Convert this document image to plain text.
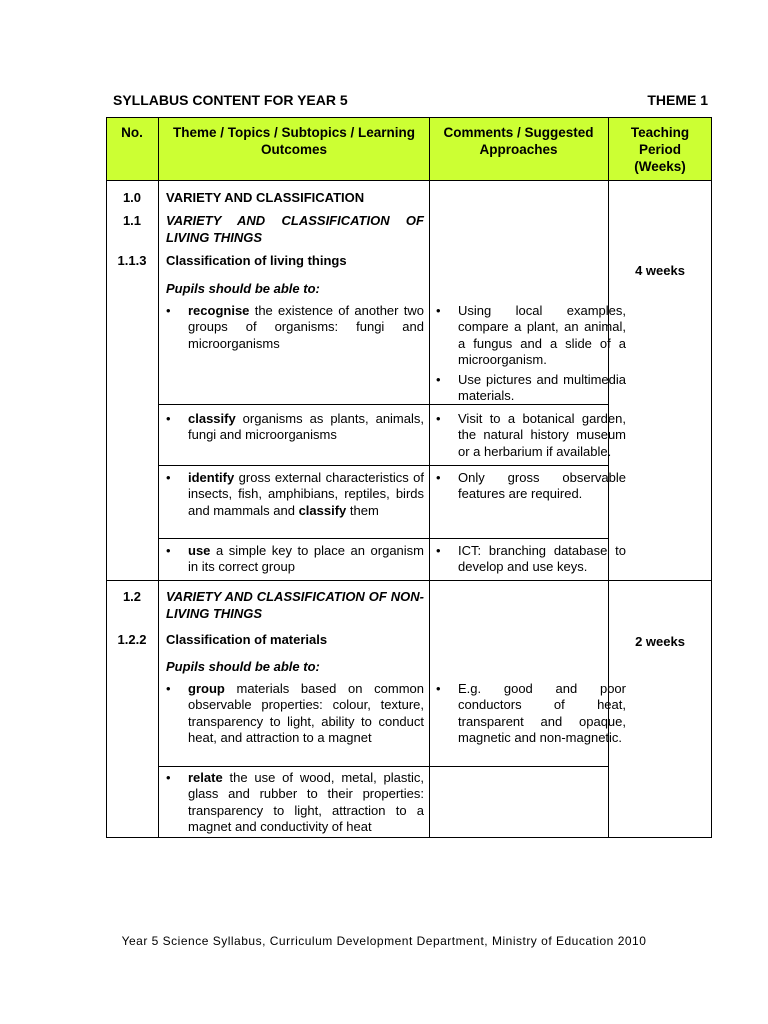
SYLLABUS CONTENT FOR YEAR 5	THEME 1
No.	Theme / Topics / Subtopics / Learning Outcomes
Comments / Suggested Approaches
Teaching Period (Weeks)
1.0
1.1
1.1.3
VARIETY AND CLASSIFICATION
VARIETY AND CLASSIFICATION OF LIVING THINGS
Classification of living things
Pupils should be able to:
4 weeks
• recognise the existence of another two groups of organisms: fungi and microorganisms
• Using local examples, compare a plant, an animal, a fungus and a slide of a microorganism.
• Use pictures and multimedia materials.
• classify organisms as plants, animals, fungi and microorganisms
• Visit to a botanical garden, the natural history museum or a herbarium if available.
• identify gross external characteristics of insects, fish, amphibians, reptiles, birds and mammals and classify them
• Only gross observable features are required.
• use a simple key to place an organism in its correct group
• ICT: branching database to develop and use keys.
1.2
1.2.2
VARIETY AND CLASSIFICATION OF NON-LIVING THINGS
Classification of materials
Pupils should be able to:
2 weeks
• group materials based on common observable properties: colour, texture, transparency to light, ability to conduct heat, and attraction to a magnet
• E.g. good and poor conductors of heat, transparent and opaque, magnetic and non-magnetic.
• relate the use of wood, metal, plastic, glass and rubber to their properties: transparency to light, attraction to a magnet and conductivity of heat
Year 5 Science Syllabus, Curriculum Development Department, Ministry of Education 2010
